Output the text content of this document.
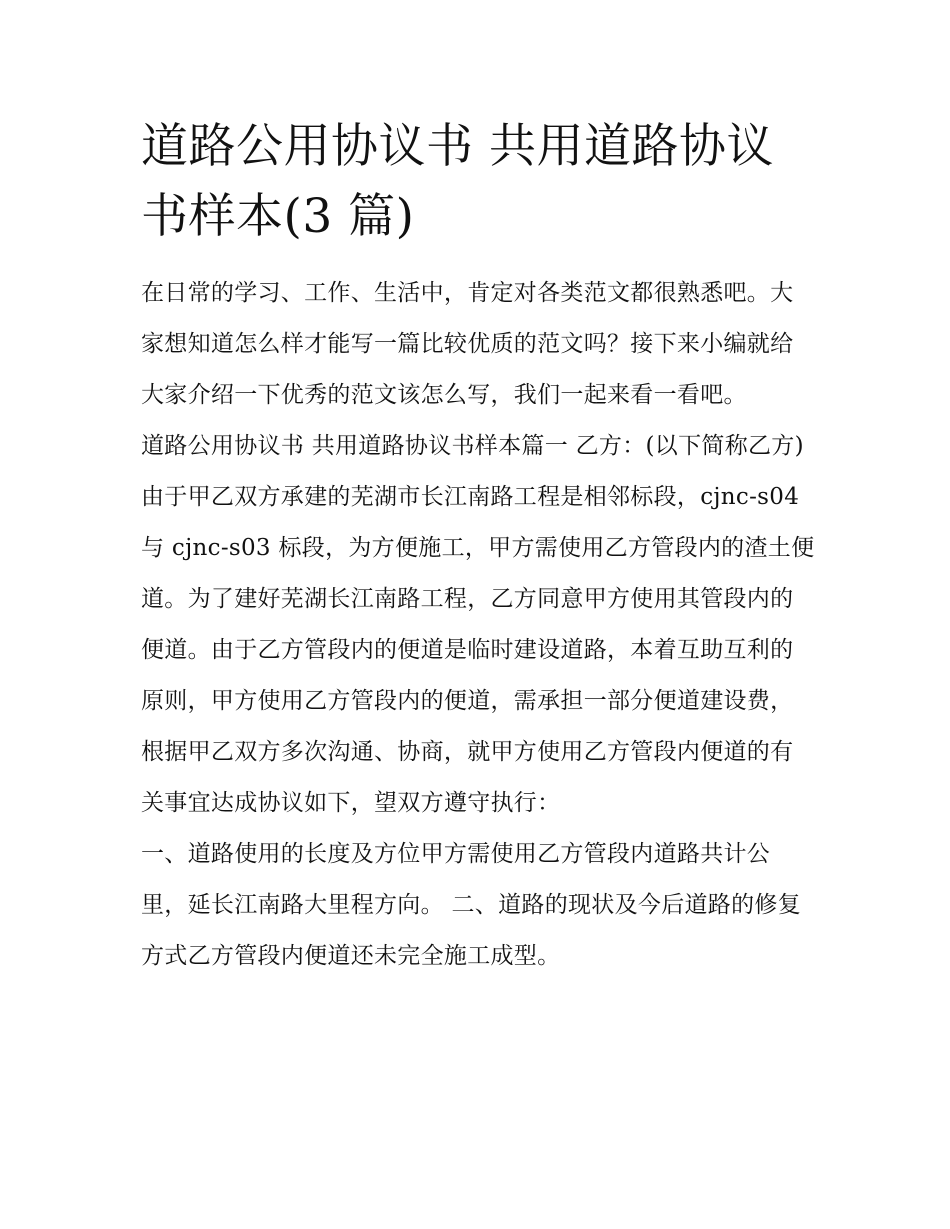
道路公用协议书 共用道路协议书样本(3 篇)

在日常的学习、工作、生活中，肯定对各类范文都很熟悉吧。大家想知道怎么样才能写一篇比较优质的范文吗？接下来小编就给大家介绍一下优秀的范文该怎么写，我们一起来看一看吧。

道路公用协议书 共用道路协议书样本篇一 乙方：(以下简称乙方)

由于甲乙双方承建的芜湖市长江南路工程是相邻标段，cjnc-s04 与 cjnc-s03 标段，为方便施工，甲方需使用乙方管段内的渣土便道。为了建好芜湖长江南路工程，乙方同意甲方使用其管段内的便道。由于乙方管段内的便道是临时建设道路，本着互助互利的原则，甲方使用乙方管段内的便道，需承担一部分便道建设费，根据甲乙双方多次沟通、协商，就甲方使用乙方管段内便道的有关事宜达成协议如下，望双方遵守执行：

一、道路使用的长度及方位甲方需使用乙方管段内道路共计公里，延长江南路大里程方向。 二、道路的现状及今后道路的修复方式乙方管段内便道还未完全施工成型。
